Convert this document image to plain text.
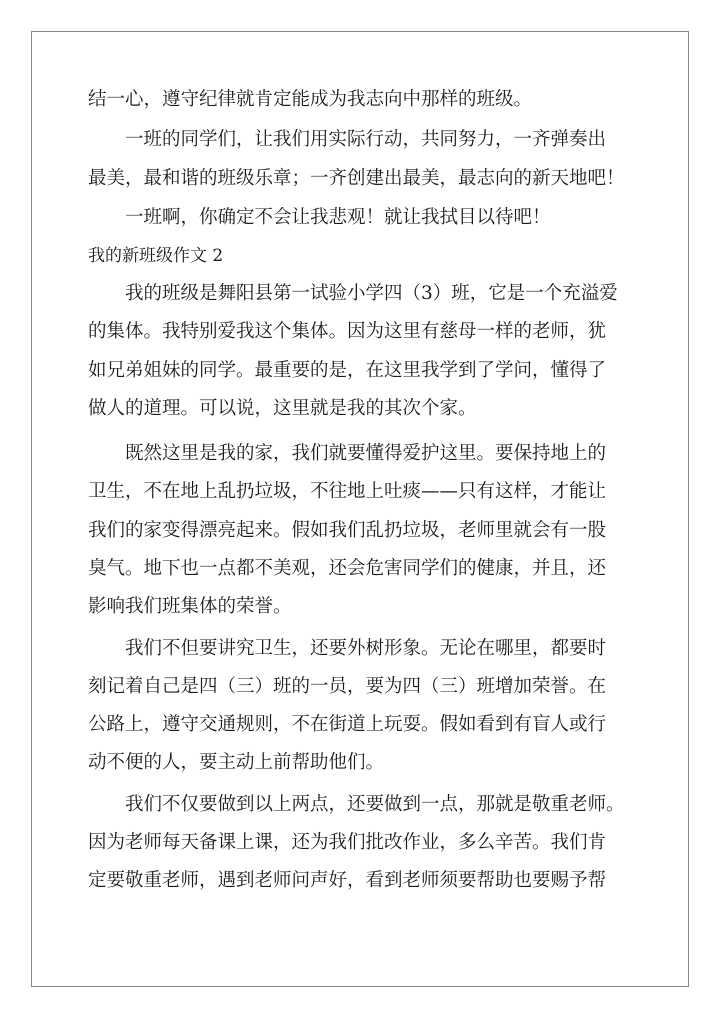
结一心，遵守纪律就肯定能成为我志向中那样的班级。
　　一班的同学们，让我们用实际行动，共同努力，一齐弹奏出
最美，最和谐的班级乐章；一齐创建出最美，最志向的新天地吧！
　　一班啊，你确定不会让我悲观！就让我拭目以待吧！
我的新班级作文 2
　　我的班级是舞阳县第一试验小学四（3）班，它是一个充溢爱
的集体。我特别爱我这个集体。因为这里有慈母一样的老师，犹
如兄弟姐妹的同学。最重要的是，在这里我学到了学问，懂得了
做人的道理。可以说，这里就是我的其次个家。
　　既然这里是我的家，我们就要懂得爱护这里。要保持地上的
卫生，不在地上乱扔垃圾，不往地上吐痰——只有这样，才能让
我们的家变得漂亮起来。假如我们乱扔垃圾，老师里就会有一股
臭气。地下也一点都不美观，还会危害同学们的健康，并且，还
影响我们班集体的荣誉。
　　我们不但要讲究卫生，还要外树形象。无论在哪里，都要时
刻记着自己是四（三）班的一员，要为四（三）班增加荣誉。在
公路上，遵守交通规则，不在街道上玩耍。假如看到有盲人或行
动不便的人，要主动上前帮助他们。
　　我们不仅要做到以上两点，还要做到一点，那就是敬重老师。
因为老师每天备课上课，还为我们批改作业，多么辛苦。我们肯
定要敬重老师，遇到老师问声好，看到老师须要帮助也要赐予帮
